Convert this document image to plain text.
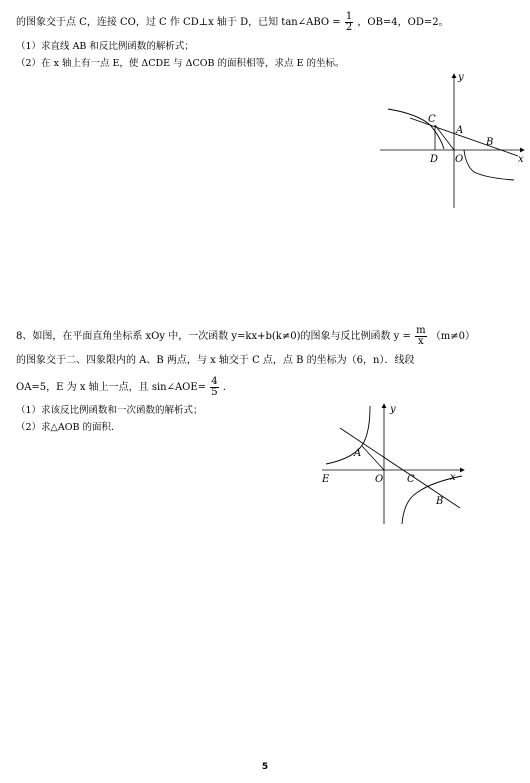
的图象交于点 C，连接 CO，过 C 作 CD⊥x 轴于 D，已知 tan∠ABO = $\frac{1}{2}$ ，OB=4，OD=2。
（1）求直线 AB 和反比例函数的解析式；
（2）在 x 轴上有一点 E，使 ΔCDE 与 ΔCOB 的面积相等，求点 E 的坐标。
y
x
C
A
B
D O
8、如图，在平面直角坐标系 xOy 中，一次函数 y=kx+b(k≠0)的图象与反比例函数 $y = \frac{m}{x} (m\ne 0)$
的图象交于二、四象限内的 A、B 两点，与 x 轴交于 C 点，点 B 的坐标为（6，n）．线段
OA=5，E 为 x 轴上一点，且 sin∠AOE= $\frac{4}{5}$ ．
（1）求该反比例函数和一次函数的解析式；
（2）求△AOB 的面积．
y
x
A
E	O C
B
5
